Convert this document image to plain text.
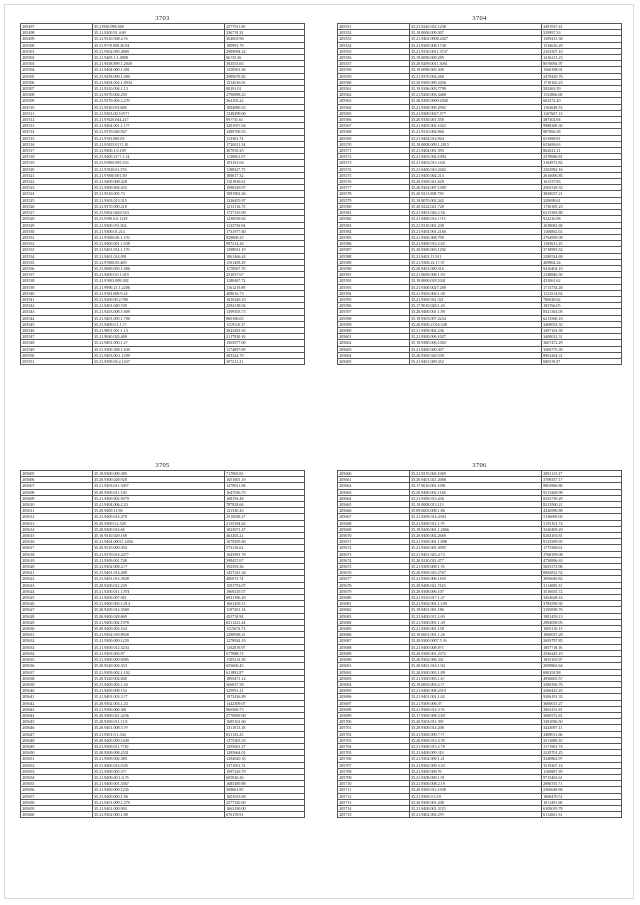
3703
205497	35.21930.098 468	2577911.85
205498	35.21.9200.91 4.69	3367?9.33
205499	35.21.9310.508.4.?6	304003.96
205500	35.21.9??0.098.30.94	190991.79
205501	35.21.9302.095.4869	2989094.24
205502	35.21.9405.1.1.4998	66?35.36
205503	35.21.9458.899.1.2049	303553.65
205504	35.21.9404.000.1.091	1358301.84
205505	35.21.9458.099.1.090	2989078.82
205506	35.21.9404.004.1.0934	1514016.01
205507	35.21.9310.094.1.13	80291.01
205508	35.21.9370.004.250	2796898.23
205509	35.21.9370.004.2.2?9	364103.22
205510	35.21.9330.0?3.668	1894080.33
205511	35.21.9303.00.5.9???	1348299.00
205512	35.21.9?020.044.217	99??31.61
205513	35.21.9404.001.1.1?7	3201957.64
205514	35.21.9370.040.947	1489706.53
205515	35.21.9?03.000.03	113363.74
205516	35.21.9?055.01?1.10	1720011.34
205517	35.21.9300.1.0.109	307039.25
205518	35.21.9400.21??.1.14	1130001.07
205519	35.21.9?000.095.333	193191.64
205520	35.21.9?020.01.376	1188327.75
205521	35.21.9?000.001.39	189017.32
205522	35.21.9400.008.328	1101830.61
205523	35.21.9300.694.433	1990339.97
205524	35.21.9330.005.73	1981902.26
205525	35.21.9303.013.315	1326455.97
205526	35.21.9370.000.218	1213116.75
205527	35.21.9302.0420.523	1727319.09
205528	35.21.9?00.0.0.1129	1230039.62
205529	35.21.9300.0?3.304	1133756.94
205530	35.21.9300.01.214	1731977.60
205531	35.21.9?000.00.1.170	829808.25
205532	35.21.9400.001.1.038	987214.26
205533	35.21.9401.0?4.1.170	1398031.19
205534	35.21.9401.014.091	1061466.44
205535	35.21.9?000.05.409	1101459.29
205536	35.21.9000.050.1.086	1178507.70
205537	35.21.9400.0.0.1.419	251037.67
205538	35.21.9?003.099.382	1180467.72
205539	35.21.9990.21.1.2206	1161219.89
205540	35.21.9?03.008.9.22	408016.73
205541	35.21.9200.09.2.780	1610226.10
205542	35.21.9401.049.749	2584138.04
205543	35.21.9203.008.1.609	1399103.73
205544	35.21.9401.005.1.700	860186.65
205545	35.21.9409.0.1.1.??	1119116.37
205546	35.21.9001.001.1.13	3043281.63
205547	35.21.9040.023.469	2117930.16
205548	35.21.9401.000.1.2?	1503977.00
205549	35.21.9300.308.1.630	1174097.09
205550	35.21.9403.00.1.1299	303324.79
205551	35.21.9399.03.2.1437	307211.21
3704
205551	35.21.9240.032.1238	3491937.41
205552	35.19.0000.009.307	529997.33
205553	35.21.9402.0008.2027	1509231.38
205554	35.21.9309.008.1749	1516616.29
205555	35.21.9330.0011.3747	2163357.10
205556	35.19.0090.009.285	1416213.23
205557	35.20.9209.0011.3061	8676094.97
205558	35.19.0090.003.300	1560188.01
205559	35.21.9370.004.268	2478429.76
205560	35.20.9300.009.2456	1718165.23
205561	35.19.9396.003.7799	582463.39
205562	35.21.9200.003.3468	1152866.68
205563	35.20.9200.0009.2940	602372.20
205564	35.21.9308.009.2992	1164649.53
205565	35.21.9300.0027.577	1167667.13
205566	35.20.9330.001.558	387302.94
205567	35.21.9405.002.1023	9988308.30
205568	35.21.9310.004.966	887066.38
205569	35.21.9404.014.944	653988.81
205570	35.19.0008.009.1.2015	653699.63
205571	35.21.9404.001.395	862621.21
205572	35.21.9405.004.1094	2378066.81
205573	35.21.9403.013.1431	3164972.82
205574	35.21.9400.010.2402	2302992.16
205575	35.21.9400.002.213	2616006.85
205576	35.20.9300.021.628	161337.83
205577	35.20.9304.007.1309	2505318.33
205578	35.20.9211.008.750	3830037.21
205579	35.19.9070.002.342	320698.61
205580	35.20.9222.021.728	1730185.23
205581	35.21.9401.026.2.56	6215383.88
205582	35.21.9400.014.1?13	922216.98
205583	35.21.9310.001.238	1638081.68
205584	35.21.9404.001.2166	1160062.02
205585	35.21.9300.008.799	2764959.09
205586	35.21.9400.014.2.65	1183631.25
205587	35.20.9300.003.1292	3718993.52
205588	35.21.9403.11.911	2280524.69
205589	35.21.9300.22.1?.37	469864.24
205590	35.20.9401.000.316	9416404.10
205591	35.21.9009.008.1.93	2148846.50
205592	35.19.0009.018.5341	431061.62
205593	35.21.9300.0027.209	1713754.28
205594	35.21.9302.004.1.30	1121514.02
205595	35.21.9300.021.321	780020.62
205596	35.17.9010.028.1.43	183766.05
205597	35.20.9400.001.1.89	8521363.05
205598	35.19.9303.007.2234	6213560.16
205599	35.20.9300.2.016.548	3409033.35
205600	35.21.9309.002.236	3497163.39
205601	35.21.9300.006.1027	3400012.31
205602	35.19.9380.006.1003	3607472.29
205603	35.21.9400.000.307	3369775.39
205604	35.20.9300.028.539	8963264.31
205605	35.21.9401.009.352	6803?0.07
3705
205605	35.19.9300.009.389	717965.82
205606	35.20.9300.028.928	1651601.19
205607	35.21.9203.011.3307	1479011.08
205608	35.20.9300.011.130	1647036.75
205609	35.21.9400.002.9479	168192.48
205610	35.21.9404.006.2.23	787828.66
205611	35.20.9400.11.96	121330.45
205612	35.21.9400.014.478	2510028.27
205613	35.20.9300.0.2.528	2135394.62
205614	35.20.9300.014.66	1823071.47
205615	35.10.9310.029.168	463265.21
205616	35.21.9404.00011.2456	1679295.69
205617	35.20.9310.009.394	573116.62
205618	35.21.9370.014.2477	1043991.78
205619	35.21.9309.001.748	398457.67
205620	35.21.9302.008.4.??	392393.36
205621	35.21.9401.014.408	1457241.34
205622	35.21.9401.013.3928	4069?5.74
205623	35.20.9200.012.239	1591753.07
205624	35.21.9200.011.1.8?4	1969219.57
205625	35.21.9200.007.921	6931396.29
205626	35.21.9400.003.1.014	1661459.11
205627	35.20.9200.014.3569	1107201.14
205628	35.20.9400.028.669	4557?0.94
205629	35.21.9400.002.1978	8211221.44
205630	35.20.9400.002.534	1115674.73
205631	35.21.9302.018.8928	2280938.21
205632	35.21.9300.009.1229	1278924.19
205633	35.21.9300.012.3234	1102019.97
205634	35.21.9303.003.97	677888.72
205635	35.21.9300.009.0085	1105214.39
205636	35.20.9320.004.333	655606.45
205637	35.21.9309.002.1.102	611892.87
205638	35.20.9220.004.840	1895471.14
205639	35.21.9400.002.1.43	566037.58
205640	35.21.9400.008.152	325991.21
205641	35.21.9401.003.3.?7	1975436.89
205642	35.20.9302.003.1.23	1442309.07
205643	35.21.9300.006.381	866560.73
205644	35.20.9300.021.2236	2778809.90
205645	35.20.9300.011.11.8	1685161.60
205646	35.20.9401.008.3.?9	1311013.18
205647	35.21.9301.0.1.334	831133.25
205648	35.20.9400.009.1449	1375303.33
205649	35.21.9300.011.7?30	1295661.27
205650	35.20.9300.008.2331	1285664.01
205651	35.21.9309.002.380	1294020.35
205652	35.21.9400.014.0.85	3371051.51
205653	35.21.9300.005.3??	1997226.79
205654	35.21.9400.00.1.0.?5	605836.26
205655	35.21.9400.001.3367	1685489.88
205656	35.21.9400.009.1235	568661.85
205657	35.21.9400.000.1.96	1601633.69
205658	35.21.9401.009.1.279	2577326.90
205659	35.21.9401.000.993	1663190.00
205660	35.21.9302.000.1.80	676159.91
3706
205660	35.21.9370.002.1069	2091115.37
205661	35.20.9401.021.2068	3708357.17
205662	35.17.9010.001.1091	8863966.86
205663	35.20.9400.002.1146	9213268.98
205664	35.21.9300.013.436	8333739.29
205665	35.19.0008.013.113	8213560.21
205666	35.09.0003.008.1.86	4326996.88
205667	35.21.9209.014.4304	5136069.02
205668	35.21.9200.011.1.?9	3155101.74
205669	35.19.9200.001.1.2066	3320409.29
205670	35.20.9400.002.2669	8204103.81
205671	35.21.9300.001.1.098	8125509.95
205672	35.21.9300.001.3095	1775369.61
205673	35.21.9401.025.4.73	3768199.08
205674	35.20.9220.021.477	4750896.63
205675	35.21.9309.008.1.?6	5693373.96
205676	35.20.9300.023.2767	8682812.52
205677	35.21.9300.006.1169	3956649.82
205678	35.20.9400.021.?323	3114085.31
205679	35.20.9308.006.107	3516655.72
205680	35.21.9310.017.1.2?	3264628.43
205681	35.21.9302.001.1.109	3783599.30
205682	35.19.9401.001.186	3195838.76
205683	35.21.9400.011.2.69	1981459.13
205684	35.21.9300.001.1.39	2984058.95
205685	35.21.9200.001.158	1005110.13
205686	35.19.0001.001.1.26	1060037.28
205687	35.20.9300.0007.5.?6	2693797.85
205688	35.21.9400.008.8?3	1007?18.16
205689	35.20.9300.001.2372	2536245.19
205690	35.20.9302.006.341	1055163.97
205691	35.20.9401.014.1.94	2009863.64
205692	35.20.9300.003.1.89	690292.98
205693	35.21.9300.003.1.6?	4956605.57
205694	35.19.0003.003.2.??	3380356.76
205695	35.21.9400.008.2319	3206425.45
205696	35.21.9401.001.1.02	9306191.35
205697	35.21.9309.006.3?	3600015.27
205698	35.21.9300.014.3.?6	2063151.81
205699	35.17.9309.008.3.69	3680572.81
205700	35.20.9303.011.?09	3381096.50
205701	35.20.9300.014.208	3443097.11
205702	35.21.9300.009.7.??	3409011.66
205703	35.20.9300.013.3.?8	3311089.35
205704	35.21.9300.013.2.78	3171901.74
205705	35.21.9400.009.?43	2229701.25
205706	35.21.9302.009.1.21	3340863.97
205707	35.21.9302.009.3.33	3319267.14
205708	35.21.9400.009.?9	1160887.39
205709	35.21.9308.009.1.91	9715463.61
205710	35.21.9300.008.2.19	2086?55.71
205711	35.20.9300.012.1038	2360648.86
205712	35.21.9300.0.3.19	1068470.51
205713	35.20.9300.001.208	1011491.68
205714	35.21.9400.001.3?25	6109019.78
205715	35.21.9402.002.2?9	6112661.31
